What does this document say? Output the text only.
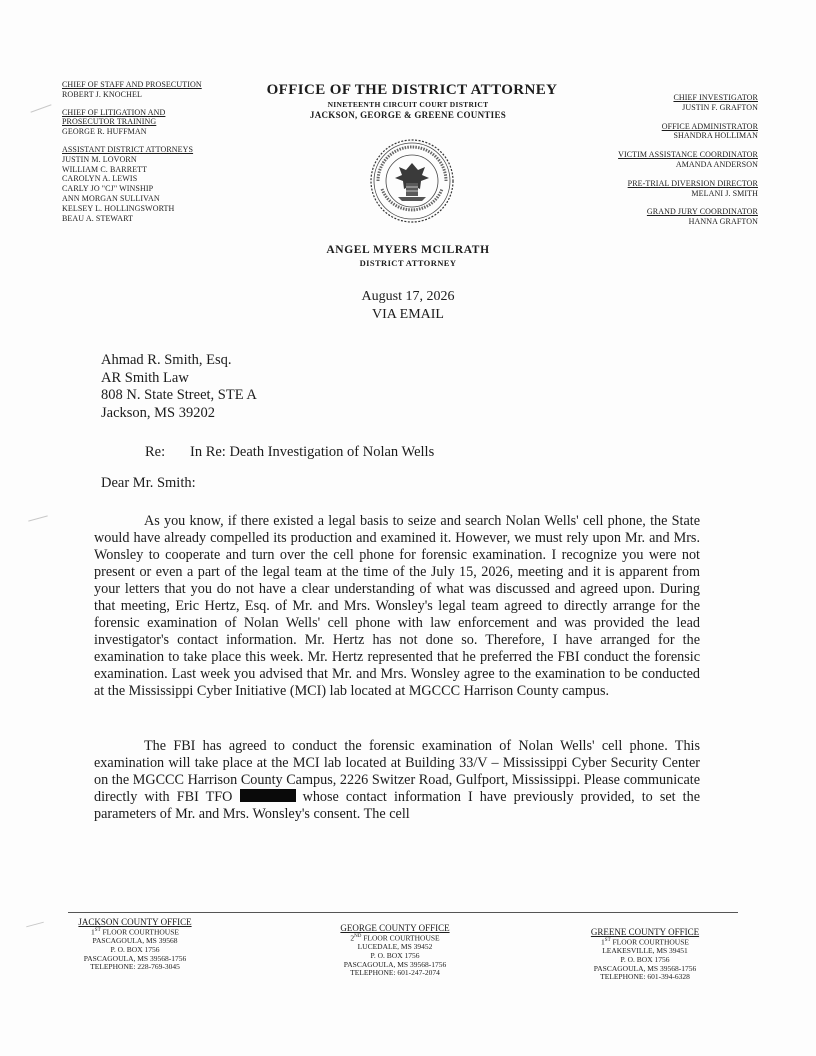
CHIEF OF STAFF AND PROSECUTION
ROBERT J. KNOCHEL
CHIEF OF LITIGATION AND PROSECUTOR TRAINING
GEORGE R. HUFFMAN
ASSISTANT DISTRICT ATTORNEYS
JUSTIN M. LOVORN
WILLIAM C. BARRETT
CAROLYN A. LEWIS
CARLY JO "CJ" WINSHIP
ANN MORGAN SULLIVAN
KELSEY L. HOLLINGSWORTH
BEAU A. STEWART
OFFICE OF THE DISTRICT ATTORNEY
NINETEENTH CIRCUIT COURT DISTRICT
JACKSON, GEORGE & GREENE COUNTIES
ANGEL MYERS MCILRATH
DISTRICT ATTORNEY
CHIEF INVESTIGATOR
JUSTIN F. GRAFTON
OFFICE ADMINISTRATOR
SHANDRA HOLLIMAN
VICTIM ASSISTANCE COORDINATOR
AMANDA ANDERSON
PRE-TRIAL DIVERSION DIRECTOR
MELANI J. SMITH
GRAND JURY COORDINATOR
HANNA GRAFTON
August 17, 2026
VIA EMAIL
Ahmad R. Smith, Esq.
AR Smith Law
808 N. State Street, STE A
Jackson, MS 39202
Re: In Re: Death Investigation of Nolan Wells
Dear Mr. Smith:
As you know, if there existed a legal basis to seize and search Nolan Wells' cell phone, the State would have already compelled its production and examined it. However, we must rely upon Mr. and Mrs. Wonsley to cooperate and turn over the cell phone for forensic examination. I recognize you were not present or even a part of the legal team at the time of the July 15, 2026, meeting and it is apparent from your letters that you do not have a clear understanding of what was discussed and agreed upon. During that meeting, Eric Hertz, Esq. of Mr. and Mrs. Wonsley's legal team agreed to directly arrange for the forensic examination of Nolan Wells' cell phone with law enforcement and was provided the lead investigator's contact information. Mr. Hertz has not done so. Therefore, I have arranged for the examination to take place this week. Mr. Hertz represented that he preferred the FBI conduct the forensic examination. Last week you advised that Mr. and Mrs. Wonsley agree to the examination to be conducted at the Mississippi Cyber Initiative (MCI) lab located at MGCCC Harrison County campus.
The FBI has agreed to conduct the forensic examination of Nolan Wells' cell phone. This examination will take place at the MCI lab located at Building 33/V – Mississippi Cyber Security Center on the MGCCC Harrison County Campus, 2226 Switzer Road, Gulfport, Mississippi. Please communicate directly with FBI TFO	whose contact information I have previously provided, to set the parameters of Mr. and Mrs. Wonsley's consent. The cell
JACKSON COUNTY OFFICE
1ST FLOOR COURTHOUSE
PASCAGOULA, MS 39568
P. O. BOX 1756
PASCAGOULA, MS 39568-1756
TELEPHONE: 228-769-3045
GEORGE COUNTY OFFICE
2ND FLOOR COURTHOUSE
LUCEDALE, MS 39452
P. O. BOX 1756
PASCAGOULA, MS 39568-1756
TELEPHONE: 601-247-2074
GREENE COUNTY OFFICE
1ST FLOOR COURTHOUSE
LEAKESVILLE, MS 39451
P. O. BOX 1756
PASCAGOULA, MS 39568-1756
TELEPHONE: 601-394-6328
